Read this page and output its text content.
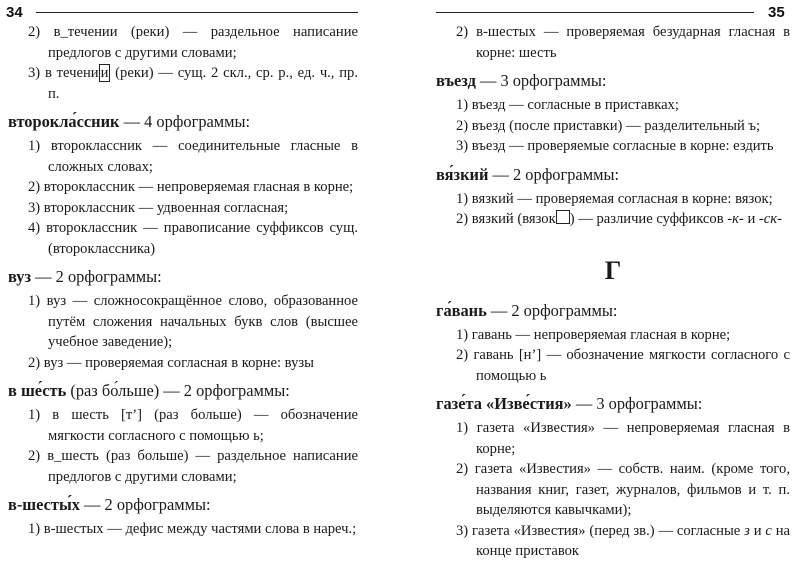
34
2) в_течении (реки) — раздельное написание предлогов с другими словами;
3) в течени и (реки) — сущ. 2 скл., ср. р., ед. ч., пр. п.
второкла́ссник — 4 орфограммы:
1) второклассник — соединительные гласные в сложных словах;
2) второклассник — непроверяемая гласная в корне;
3) второклассник — удвоенная согласная;
4) второклассник — правописание суффиксов сущ. (второклассника)
вуз — 2 орфограммы:
1) вуз — сложносокращённое слово, образованное путём сложения начальных букв слов (высшее учебное заведение);
2) вуз — проверяемая согласная в корне: вузы
в ше́сть (раз бо́льше) — 2 орфограммы:
1) в шесть [т’] (раз больше) — обозначение мягкости согласного с помощью ь;
2) в_шесть (раз больше) — раздельное написание предлогов с другими словами;
в-шесты́х — 2 орфограммы:
1) в-шестых — дефис между частями слова в нареч.;
35
2) в-шестых — проверяемая безударная гласная в корне: шесть
въезд — 3 орфограммы:
1) въезд — согласные в приставках;
2) въезд (после приставки) — разделительный ъ;
3) въезд — проверяемые согласные в корне: ездить
вя́зкий — 2 орфограммы:
1) вязкий — проверяемая согласная в корне: вязок;
2) вязкий (вязок ) — различие суффиксов -к- и -ск-
Г
га́вань — 2 орфограммы:
1) гавань — непроверяемая гласная в корне;
2) гавань [н’] — обозначение мягкости согласного с помощью ь
газе́та «Изве́стия» — 3 орфограммы:
1) газета «Известия» — непроверяемая гласная в корне;
2) газета «Известия» — собств. наим. (кроме того, названия книг, газет, журналов, фильмов и т. п. выделяются кавычками);
3) газета «Известия» (перед зв.) — согласные з и с на конце приставок
